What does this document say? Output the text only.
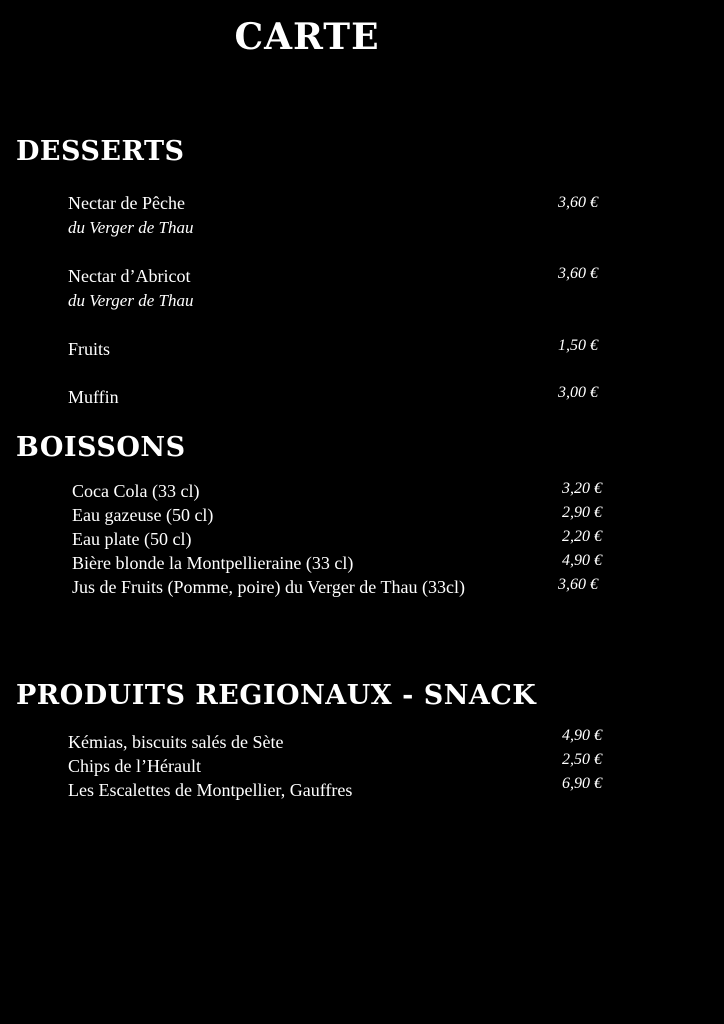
CARTE
DESSERTS
Nectar de Pêche
du Verger de Thau
3,60 €
Nectar d’Abricot
du Verger de Thau
3,60 €
Fruits	1,50 €
Muffin	3,00 €
BOISSONS
Coca Cola (33 cl)	3,20 €
Eau gazeuse (50 cl)	2,90 €
Eau plate (50 cl)	2,20 €
Bière blonde la Montpellieraine (33 cl)	4,90 €
Jus de Fruits (Pomme, poire) du Verger de Thau (33cl)	3,60 €
PRODUITS REGIONAUX - SNACK
Kémias, biscuits salés de Sète	4,90 €
Chips de l’Hérault	2,50 €
Les Escalettes de Montpellier, Gauffres	6,90 €
